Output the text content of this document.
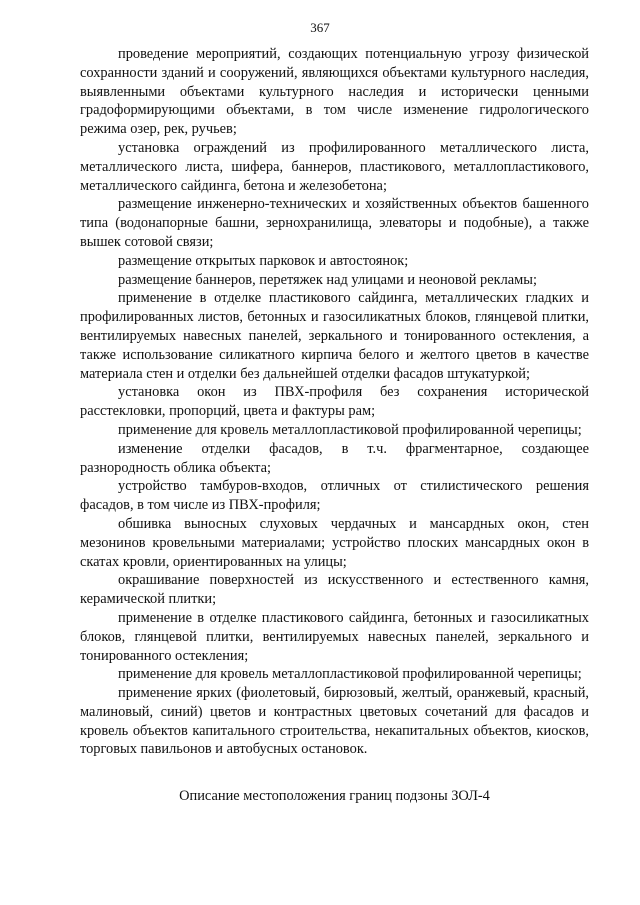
367

проведение мероприятий, создающих потенциальную угрозу физической сохранности зданий и сооружений, являющихся объектами культурного наследия, выявленными объектами культурного наследия и исторически ценными градоформирующими объектами, в том числе изменение гидрологического режима озер, рек, ручьев;

установка ограждений из профилированного металлического листа, металлического листа, шифера, баннеров, пластикового, металлопластикового, металлического сайдинга, бетона и железобетона;

размещение инженерно-технических и хозяйственных объектов башенного типа (водонапорные башни, зернохранилища, элеваторы и подобные), а также вышек сотовой связи;

размещение открытых парковок и автостоянок;

размещение баннеров, перетяжек над улицами и неоновой рекламы;

применение в отделке пластикового сайдинга, металлических гладких и профилированных листов, бетонных и газосиликатных блоков, глянцевой плитки, вентилируемых навесных панелей, зеркального и тонированного остекления, а также использование силикатного кирпича белого и желтого цветов в качестве материала стен и отделки без дальнейшей отделки фасадов штукатуркой;

установка окон из ПВХ-профиля без сохранения исторической расстекловки, пропорций, цвета и фактуры рам;

применение для кровель металлопластиковой профилированной черепицы;

изменение отделки фасадов, в т.ч. фрагментарное, создающее разнородность облика объекта;

устройство тамбуров-входов, отличных от стилистического решения фасадов, в том числе из ПВХ-профиля;

обшивка выносных слуховых чердачных и мансардных окон, стен мезонинов кровельными материалами; устройство плоских мансардных окон в скатах кровли, ориентированных на улицы;

окрашивание поверхностей из искусственного и естественного камня, керамической плитки;

применение в отделке пластикового сайдинга, бетонных и газосиликатных блоков, глянцевой плитки, вентилируемых навесных панелей, зеркального и тонированного остекления;

применение для кровель металлопластиковой профилированной черепицы;

применение ярких (фиолетовый, бирюзовый, желтый, оранжевый, красный, малиновый, синий) цветов и контрастных цветовых сочетаний для фасадов и кровель объектов капитального строительства, некапитальных объектов, киосков, торговых павильонов и автобусных остановок.

Описание местоположения границ подзоны ЗОЛ-4
